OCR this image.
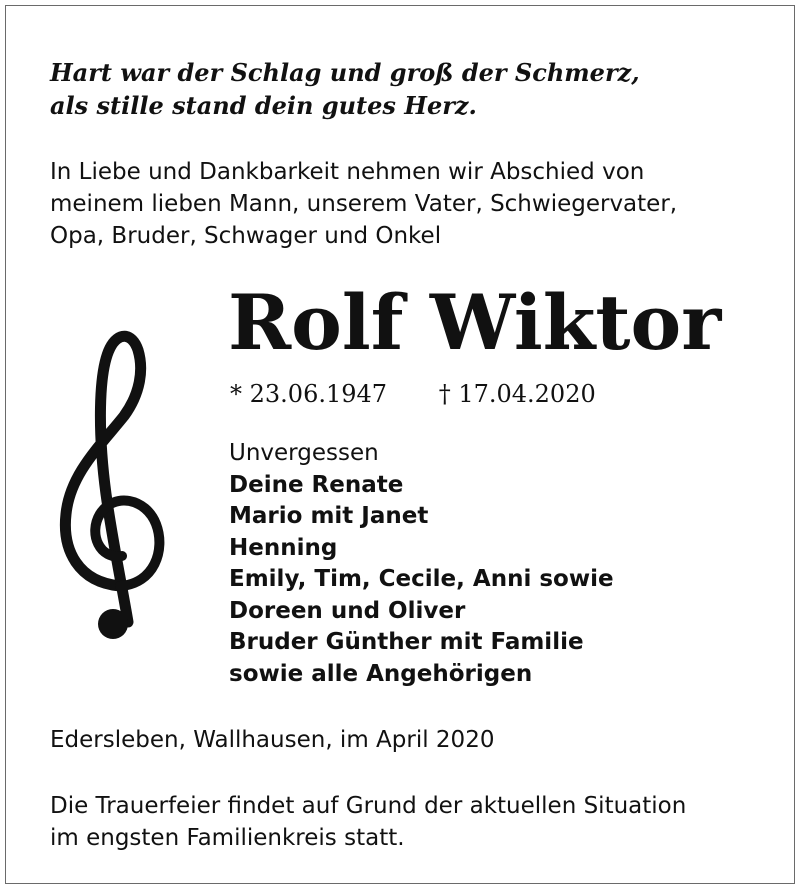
Hart war der Schlag und groß der Schmerz,
als stille stand dein gutes Herz.

In Liebe und Dankbarkeit nehmen wir Abschied von
meinem lieben Mann, unserem Vater, Schwiegervater,
Opa, Bruder, Schwager und Onkel

Rolf Wiktor
* 23.06.1947 † 17.04.2020
Unvergessen
Deine Renate
Mario mit Janet
Henning
Emily, Tim, Cecile, Anni sowie
Doreen und Oliver
Bruder Günther mit Familie
sowie alle Angehörigen

Edersleben, Wallhausen, im April 2020

Die Trauerfeier findet auf Grund der aktuellen Situation
im engsten Familienkreis statt.
